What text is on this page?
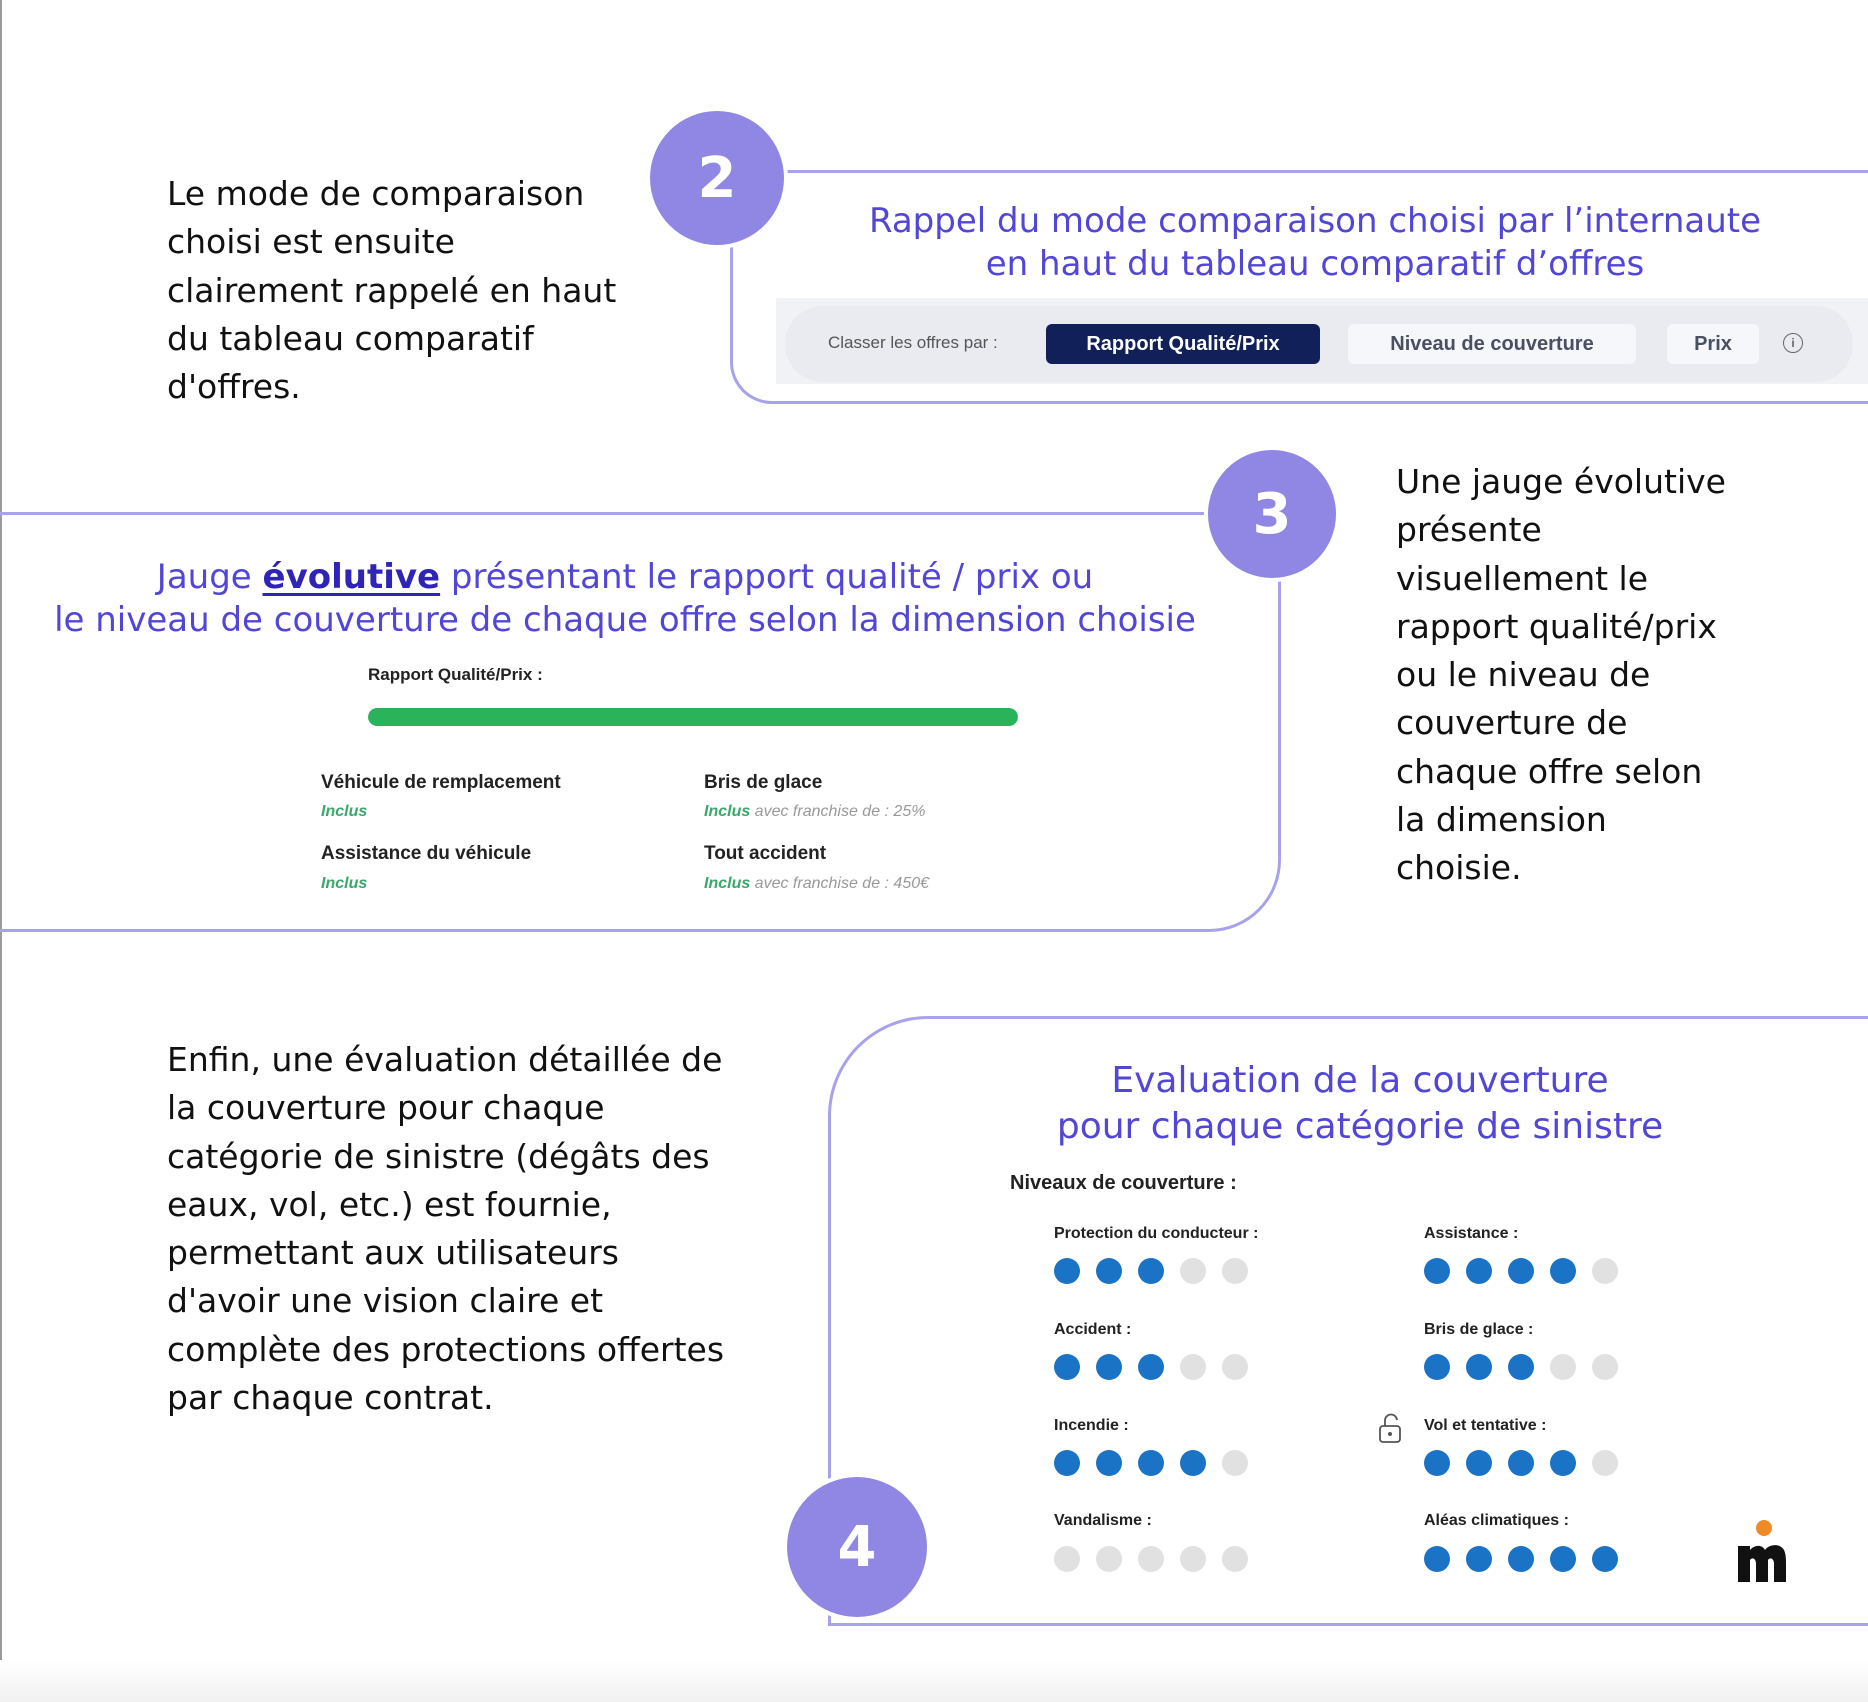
2
Le mode de comparaison choisi est ensuite clairement rappelé en haut du tableau comparatif d'offres.
Rappel du mode comparaison choisi par l’internaute
en haut du tableau comparatif d’offres
Classer les offres par :	Rapport Qualité/Prix	Niveau de couverture	Prix	i
3	Une jauge évolutive présente visuellement le rapport qualité/prix ou le niveau de couverture de chaque offre selon la dimension choisie.
Jauge évolutive présentant le rapport qualité / prix ou
le niveau de couverture de chaque offre selon la dimension choisie
Rapport Qualité/Prix :
Véhicule de remplacement
Inclus
Bris de glace
Inclus avec franchise de : 25%
Assistance du véhicule
Inclus
Tout accident
Inclus avec franchise de : 450€
4
Enfin, une évaluation détaillée de la couverture pour chaque catégorie de sinistre (dégâts des eaux, vol, etc.) est fournie, permettant aux utilisateurs d'avoir une vision claire et complète des protections offertes par chaque contrat.
Evaluation de la couverture
pour chaque catégorie de sinistre
Niveaux de couverture :
Protection du conducteur :	Assistance :
Accident :	Bris de glace :
Incendie :	Vol et tentative :
Vandalisme :	Aléas climatiques :
